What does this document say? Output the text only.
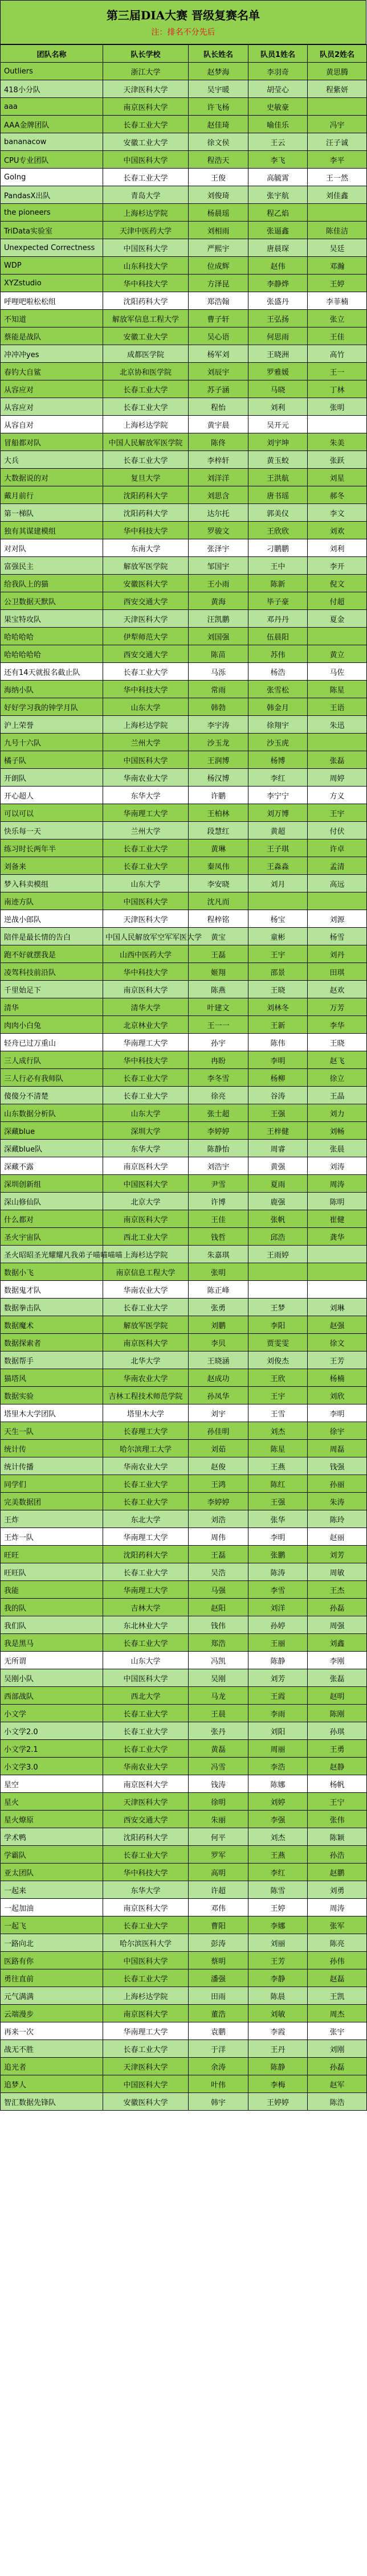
第三届DIA大赛 晋级复赛名单
注：排名不分先后
团队名称	队长学校	队长姓名	队员1姓名	队员2姓名
Outliers	浙江大学	赵梦海	李羽奇	黄思腾
418小分队	天津医科大学	吴宇暖	胡莹心	程紫妍
aaa	南京医科大学	许飞杨	史敏豪	
AAA金牌团队	长春工业大学	赵佳琦	喻佳乐	冯宇
bananacow	安徽工业大学	徐文侯	王云	汪子诚
CPU专业团队	中国医科大学	程浩天	李飞	李平
GoIng	长春工业大学	王俊	高毓霄	王一然
PandasX出队	青岛大学	刘俊琦	张宇航	刘佳鑫
the pioneers	上海杉达学院	杨晨瑶	程乙焰	
TriData实验室	天津中医药大学	刘相雨	张逼鑫	陈佳洁
Unexpected Correctness	中国医科大学	严熙宇	唐晨琛	吴廷
WDP	山东科技大学	位成辉	赵伟	邓瀚
XYZstudio	华中科技大学	方泽昆	李静烨	王婷
呼哩吧啦松松组	沈阳药科大学	郑浩翰	张盛丹	李菲楠
不知道	解放军信息工程大学	曹子轩	王弘扬	张立
蔡能是战队	安徽工业大学	吴心语	何思雨	王佳
冲冲冲yes	成都医学院	杨军刘	王晓洲	高竹
春钓大自鲨	北京协和医学院	刘辰宇	罗雅媛	王一
从容应对	长春工业大学	苏子涵	马晓	丁林
从容应对	长春工业大学	程怡	刘利	张明
从容自对	上海杉达学院	黄宇晨	吴开元	
冒船都对队	中国人民解放军医学院	陈佟	刘宇坤	朱美
大兵	长春工业大学	李梓轩	黄玉蛟	张跃
大数据说的对	复旦大学	刘洋洋	王洪航	刘星
戴月前行	沈阳药科大学	刘思含	唐书瑶	郝冬
第一梯队	沈阳药科大学	达尔托	郭美仪	李文
独有其谋建模组	华中科技大学	罗骏文	王欣欣	刘欢
对对队	东南大学	张泽宇	刁鹏鹏	刘利
富强民主	解放军医学院	邹国宇	王中	李开
给我队上的猫	安徽医科大学	王小雨	陈新	倪文
公卫数据天默队	西安交通大学	黄海	毕子豪	付超
果宝特攻队	天津医科大学	汪凯鹏	邓丹丹	夏金
哈哈哈哈	伊犁师范大学	刘国强	伍晨阳	
哈哈哈哈哈	西安交通大学	陈苗	苏伟	黄立
还有14天就报名截止队	长春工业大学	马泺	杨浩	马佐
海纳小队	华中科技大学	常雨	张雪松	陈星
好好学习我的钟学月队	山东大学	韩勃	韩金月	王语
沪上荣誉	上海杉达学院	李宇涛	徐翔宇	朱迅
九号十六队	兰州大学	沙玉龙	沙玉虎	
橘子队	中国医科大学	王润博	杨博	张磊
开朗队	华南农业大学	杨汉博	李红	周婷
开心超人	东华大学	许鹏	李宁宁	方义
可以可以	华南理工大学	王柏林	刘万博	王宇
快乐每一天	兰州大学	段慧红	黄超	付伏
练习时长两年半	长春工业大学	黄琳	王子琪	许卓
刘备来	长春工业大学	秦凤伟	王淼淼	孟清
梦入科卖模组	山东大学	李安晓	刘月	高远
南迹方队	中国医科大学	沈凡而		
逆战小郎队	天津医科大学	程梓铭	杨宝	刘源
陪伴是最长情的告白	中国人民解放军空军军医大学	黄宝	童彬	杨雪
跑不好就摆我是	山西中医药大学	王磊	王宇	刘丹
凌驾科技前沿队	华中科技大学	姬翔	邵景	田琪
千里始足下	南京医科大学	陈燕	王晓	赵欢
清华	清华大学	叶建文	刘林冬	万芳
肉肉小白兔	北京林业大学	王一一	王新	李华
轻舟已过万重山	华南理工大学	孙宇	陈伟	王晓
三人成行队	华中科技大学	冉盼	李明	赵飞
三人行必有我师队	长春工业大学	李冬雪	杨柳	徐立
傻傻分不清楚	长春工业大学	徐亮	谷涛	王晶
山东数据分析队	山东大学	张士超	王强	刘力
深藏blue	深圳大学	李婷婷	王梓健	刘畅
深藏blue队	东华大学	陈静怡	周睿	张晨
深藏不露	南京医科大学	刘浩宇	黄强	刘涛
深圳创新组	中国医科大学	尹雪	夏雨	周涛
深山修仙队	北京大学	许博	鹿强	陈明
什么都对	南京医科大学	王佳	张帆	崔健
圣火宇宙队	西北工业大学	钱哲	邱浩	龚华
圣火昭昭圣光耀耀凡我弟子喵喵喵喵	上海杉达学院	朱嘉琪	王雨婷	
数据小飞	南京信息工程大学	张明		
数据鬼才队	华南农业大学	陈正峰		
数据拳击队	长春工业大学	张勇	王梦	刘琳
数据魔术	解放军医学院	刘鹏	李阳	赵强
数据探索者	南京医科大学	李贝	贾雯雯	徐文
数据帮手	北华大学	王晓涵	刘俊杰	王芳
猫塔风	华南农业大学	赵成功	王欣	杨楠
数据实验	吉林工程技术师范学院	孙凤华	王宇	刘欣
塔里木大学团队	塔里木大学	刘宇	王雪	李明
天生一队	长春理工大学	孙佳明	刘杰	徐宇
统计传	哈尔滨理工大学	刘茹	陈星	周磊
统计传播	华南农业大学	赵俊	王燕	钱强
同学们	长春工业大学	王鸿	陈红	孙丽
完美数据团	长春工业大学	李婷婷	王强	朱涛
王炸	东北大学	刘浩	张华	陈玲
王炸一队	华南理工大学	周伟	李明	赵丽
旺旺	沈阳药科大学	王磊	张鹏	刘芳
旺旺队	长春工业大学	吴浩	陈涛	周敏
我能	华南理工大学	马强	李雪	王杰
我的队	吉林大学	赵阳	刘洋	孙磊
我们队	东北林业大学	钱伟	孙婷	周强
我是黑马	长春工业大学	郑浩	王丽	刘鑫
无所谓	山东大学	冯凯	陈静	李刚
吴刚小队	中国医科大学	吴刚	刘芳	张磊
西部战队	西北大学	马龙	王霞	赵明
小文学	长春工业大学	王晨	李雨	陈刚
小文学2.0	长春工业大学	张丹	刘阳	孙琪
小文学2.1	长春工业大学	黄磊	周丽	王勇
小文学3.0	华南农业大学	冯雪	李浩	赵静
星空	南京医科大学	钱涛	陈娜	杨帆
星火	天津医科大学	徐明	刘婷	王宁
星火燎原	西安交通大学	朱丽	李强	张伟
学术鸭	沈阳药科大学	何平	刘杰	陈颖
学霸队	长春工业大学	罗军	王燕	孙浩
亚太团队	华中科技大学	高明	李红	赵鹏
一起来	东华大学	许超	陈雪	刘勇
一起加油	南京医科大学	邓伟	王婷	周涛
一起飞	长春工业大学	曹阳	李娜	张军
一路向北	哈尔滨医科大学	彭涛	刘丽	陈亮
医路有你	中国医科大学	蔡明	王芳	孙伟
勇往直前	长春工业大学	潘强	李静	赵磊
元气满满	上海杉达学院	田雨	陈晨	王凯
云端漫步	南京医科大学	董浩	刘敏	周杰
再来一次	华南理工大学	袁鹏	李霞	张宇
战无不胜	长春工业大学	于洋	王丹	刘刚
追光者	天津医科大学	余涛	陈静	孙磊
追梦人	中国医科大学	叶伟	李梅	赵军
智汇数据先锋队	安徽医科大学	韩宇	王婷婷	陈浩
